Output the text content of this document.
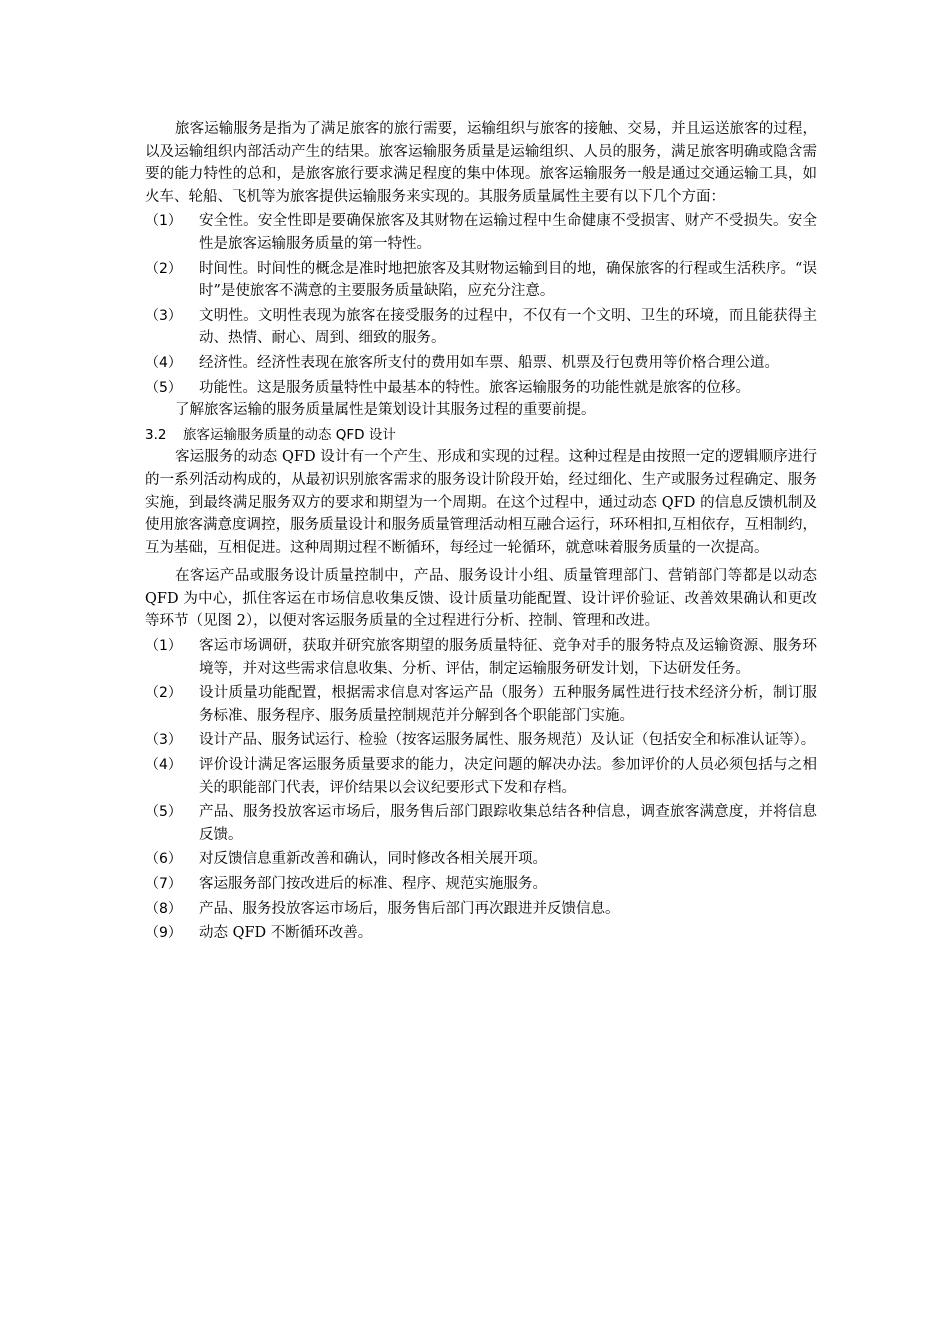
旅客运输服务是指为了满足旅客的旅行需要，运输组织与旅客的接触、交易，并且运送旅客的过程，以及运输组织内部活动产生的结果。旅客运输服务质量是运输组织、人员的服务，满足旅客明确或隐含需要的能力特性的总和，是旅客旅行要求满足程度的集中体现。旅客运输服务一般是通过交通运输工具，如火车、轮船、飞机等为旅客提供运输服务来实现的。其服务质量属性主要有以下几个方面：

（1）	安全性。安全性即是要确保旅客及其财物在运输过程中生命健康不受损害、财产不受损失。安全性是旅客运输服务质量的第一特性。
（2）	时间性。时间性的概念是准时地把旅客及其财物运输到目的地，确保旅客的行程或生活秩序。“误时”是使旅客不满意的主要服务质量缺陷，应充分注意。
（3）	文明性。文明性表现为旅客在接受服务的过程中，不仅有一个文明、卫生的环境，而且能获得主动、热情、耐心、周到、细致的服务。
（4）	经济性。经济性表现在旅客所支付的费用如车票、船票、机票及行包费用等价格合理公道。
（5）	功能性。这是服务质量特性中最基本的特性。旅客运输服务的功能性就是旅客的位移。

了解旅客运输的服务质量属性是策划设计其服务过程的重要前提。

3.2 旅客运输服务质量的动态 QFD 设计

客运服务的动态 QFD 设计有一个产生、形成和实现的过程。这种过程是由按照一定的逻辑顺序进行的一系列活动构成的，从最初识别旅客需求的服务设计阶段开始，经过细化、生产或服务过程确定、服务实施，到最终满足服务双方的要求和期望为一个周期。在这个过程中，通过动态 QFD 的信息反馈机制及使用旅客满意度调控，服务质量设计和服务质量管理活动相互融合运行，环环相扣,互相依存，互相制约，互为基础，互相促进。这种周期过程不断循环，每经过一轮循环，就意味着服务质量的一次提高。

在客运产品或服务设计质量控制中，产品、服务设计小组、质量管理部门、营销部门等都是以动态 QFD 为中心，抓住客运在市场信息收集反馈、设计质量功能配置、设计评价验证、改善效果确认和更改等环节（见图 2），以便对客运服务质量的全过程进行分析、控制、管理和改进。

（1）	客运市场调研，获取并研究旅客期望的服务质量特征、竞争对手的服务特点及运输资源、服务环境等，并对这些需求信息收集、分析、评估，制定运输服务研发计划，下达研发任务。
（2）	设计质量功能配置，根据需求信息对客运产品（服务）五种服务属性进行技术经济分析，制订服务标准、服务程序、服务质量控制规范并分解到各个职能部门实施。
（3）	设计产品、服务试运行、检验（按客运服务属性、服务规范）及认证（包括安全和标准认证等）。
（4）	评价设计满足客运服务质量要求的能力，决定问题的解决办法。参加评价的人员必须包括与之相关的职能部门代表，评价结果以会议纪要形式下发和存档。
（5）	产品、服务投放客运市场后，服务售后部门跟踪收集总结各种信息，调查旅客满意度，并将信息反馈。
（6）	对反馈信息重新改善和确认，同时修改各相关展开项。
（7）	客运服务部门按改进后的标准、程序、规范实施服务。
（8）	产品、服务投放客运市场后，服务售后部门再次跟进并反馈信息。
（9）	动态 QFD 不断循环改善。
